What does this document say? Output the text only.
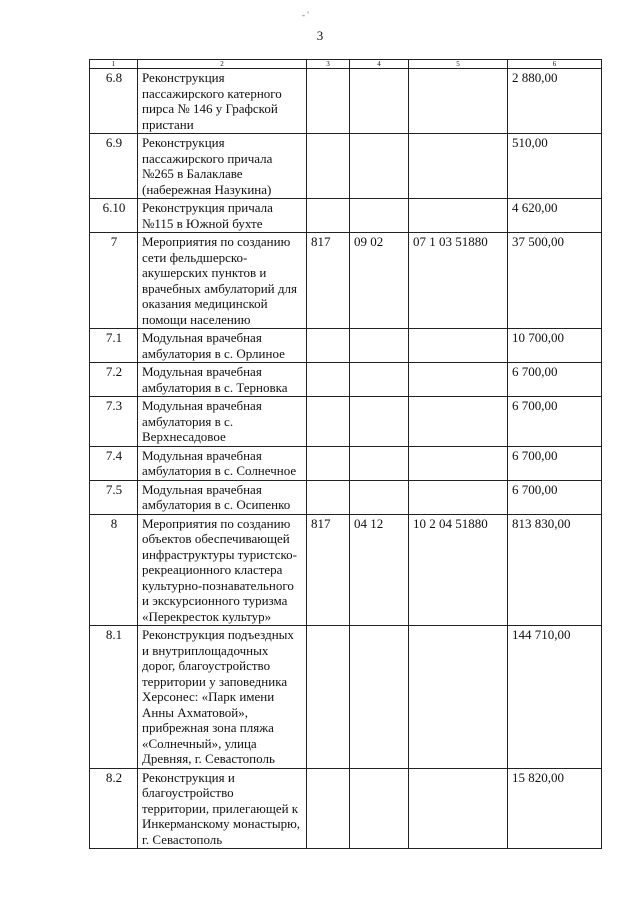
- '
3
1	2	3	4	5	6
6.8	Реконструкция пассажирского катерного пирса № 146 у Графской пристани				2 880,00
6.9	Реконструкция пассажирского причала №265 в Балаклаве (набережная Назукина)				510,00
6.10	Реконструкция причала №115 в Южной бухте				4 620,00
7	Мероприятия по созданию сети фельдшерско-акушерских пунктов и врачебных амбулаторий для оказания медицинской помощи населению	817	09 02	07 1 03 51880	37 500,00
7.1	Модульная врачебная амбулатория в с. Орлиное				10 700,00
7.2	Модульная врачебная амбулатория в с. Терновка				6 700,00
7.3	Модульная врачебная амбулатория в с. Верхнесадовое				6 700,00
7.4	Модульная врачебная амбулатория в с. Солнечное				6 700,00
7.5	Модульная врачебная амбулатория в с. Осипенко				6 700,00
8	Мероприятия по созданию объектов обеспечивающей инфраструктуры туристско-рекреационного кластера культурно-познавательного и экскурсионного туризма «Перекресток культур»	817	04 12	10 2 04 51880	813 830,00
8.1	Реконструкция подъездных и внутриплощадочных дорог, благоустройство территории у заповедника Херсонес: «Парк имени Анны Ахматовой», прибрежная зона пляжа «Солнечный», улица Древняя, г. Севастополь				144 710,00
8.2	Реконструкция и благоустройство территории, прилегающей к Инкерманскому монастырю, г. Севастополь				15 820,00
